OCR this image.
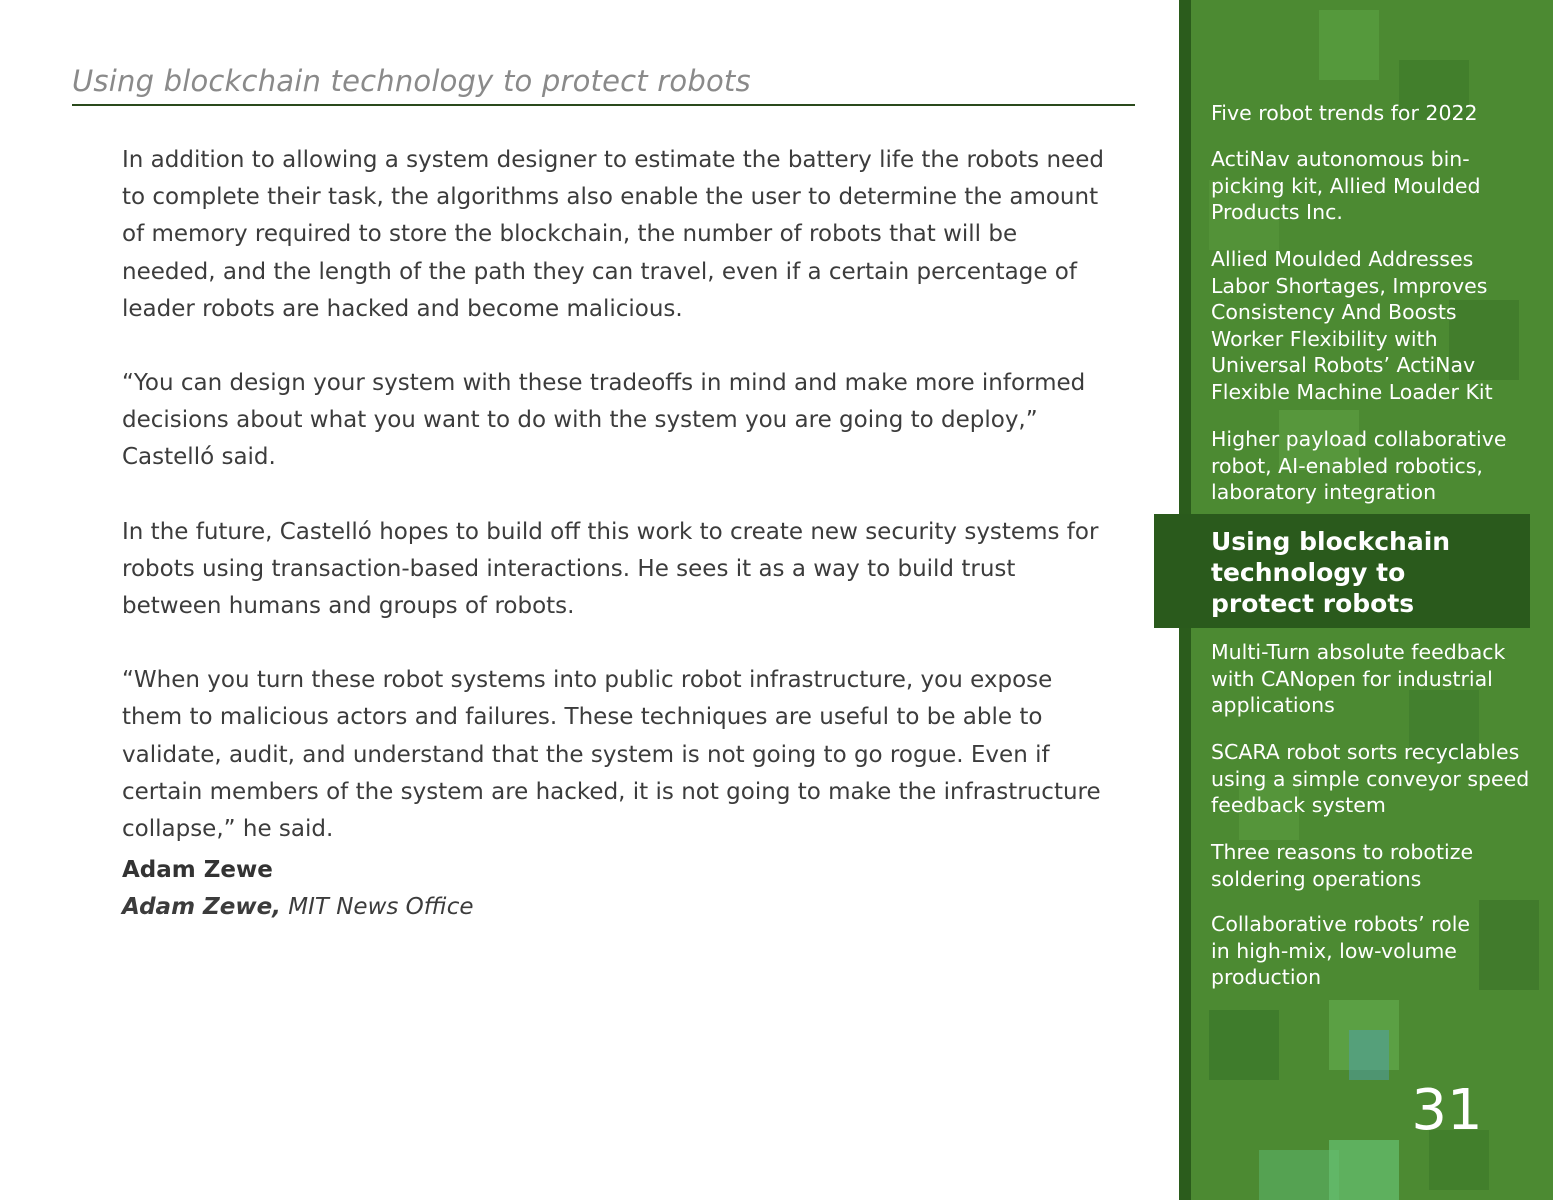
Using blockchain technology to protect robots

In addition to allowing a system designer to estimate the battery life the robots need to complete their task, the algorithms also enable the user to determine the amount of memory required to store the blockchain, the number of robots that will be needed, and the length of the path they can travel, even if a certain percentage of leader robots are hacked and become malicious.

“You can design your system with these tradeoffs in mind and make more informed decisions about what you want to do with the system you are going to deploy,” Castelló said.

In the future, Castelló hopes to build off this work to create new security systems for robots using transaction-based interactions. He sees it as a way to build trust between humans and groups of robots.

“When you turn these robot systems into public robot infrastructure, you expose them to malicious actors and failures. These techniques are useful to be able to validate, audit, and understand that the system is not going to go rogue. Even if certain members of the system are hacked, it is not going to make the infrastructure collapse,” he said.

Adam Zewe
Adam Zewe, MIT News Office
Five robot trends for 2022
ActiNav autonomous bin-picking kit, Allied Moulded Products Inc.
Allied Moulded Addresses Labor Shortages, Improves Consistency And Boosts Worker Flexibility with Universal Robots’ ActiNav Flexible Machine Loader Kit
Higher payload collaborative robot, AI-enabled robotics, laboratory integration
Multi-Turn absolute feedback with CANopen for industrial applications
SCARA robot sorts recyclables using a simple conveyor speed feedback system
Three reasons to robotize soldering operations
Collaborative robots’ role in high-mix, low-volume production
Using blockchain technology to protect robots
31
